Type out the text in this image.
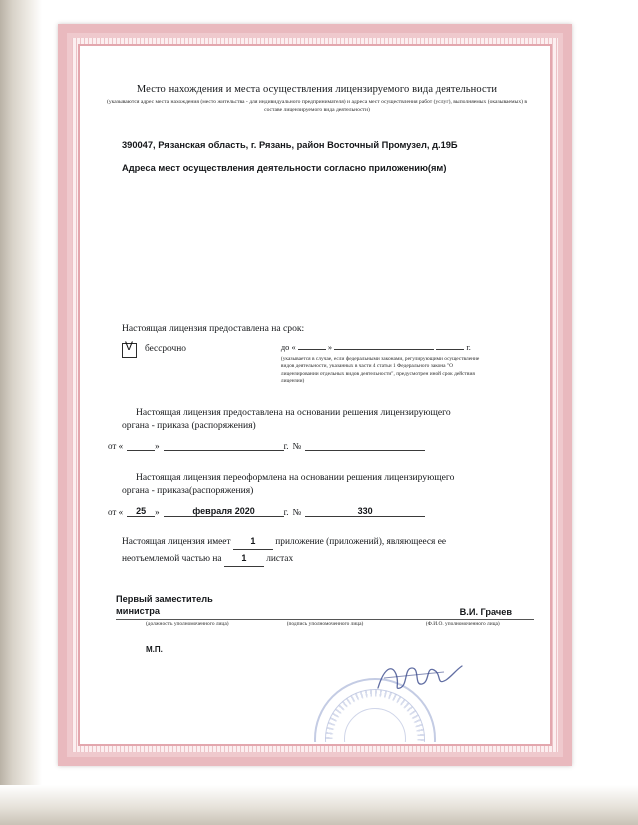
Место нахождения и места осуществления лицензируемого вида деятельности
(указываются адрес места нахождения (место жительства - для индивидуального предпринимателя) и адреса мест осуществления работ (услуг), выполняемых (оказываемых) в составе лицензируемого вида деятельности)
390047, Рязанская область, г. Рязань, район Восточный Промузел, д.19Б
Адреса мест осуществления деятельности согласно приложению(ям)
Настоящая лицензия предоставлена на срок:
V бессрочно	до «	»	г.
(указывается в случае, если федеральными законами, регулирующими осуществление видов деятельности, указанных в части 4 статьи 1 Федерального закона "О лицензировании отдельных видов деятельности", предусмотрен иной срок действия лицензии)
Настоящая лицензия предоставлена на основании решения лицензирующего
органа - приказа (распоряжения)
от «	»	г. №
Настоящая лицензия переоформлена на основании решения лицензирующего
органа - приказа(распоряжения)
от «	25	»	февраля 2020	г. №	330
Настоящая лицензия имеет 1 приложение (приложений), являющееся ее
неотъемлемой частью на 1 листах
Первый заместитель
министра	В.И. Грачев
(должность уполномоченного лица)	(подпись уполномоченного лица)	(Ф.И.О. уполномоченного лица)
М.П.
